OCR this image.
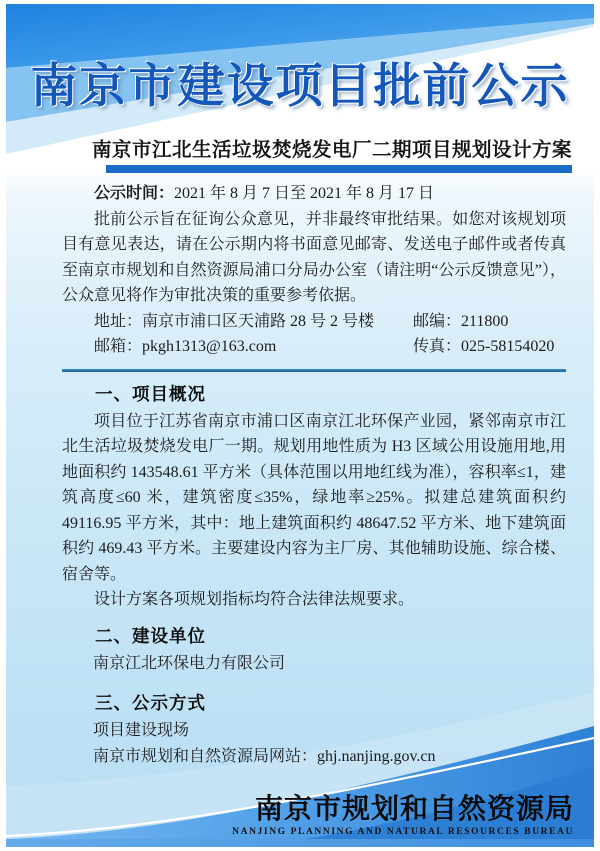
南京市建设项目批前公示
南京市江北生活垃圾焚烧发电厂二期项目规划设计方案

公示时间：2021 年 8 月 7 日至 2021 年 8 月 17 日

批前公示旨在征询公众意见，并非最终审批结果。如您对该规划项目有意见表达，请在公示期内将书面意见邮寄、发送电子邮件或者传真至南京市规划和自然资源局浦口分局办公室（请注明“公示反馈意见”），公众意见将作为审批决策的重要参考依据。

地址：南京市浦口区天浦路 28 号 2 号楼	邮编：211800

邮箱：pkgh1313@163.com	传真：025-58154020

一、项目概况

项目位于江苏省南京市浦口区南京江北环保产业园，紧邻南京市江北生活垃圾焚烧发电厂一期。规划用地性质为 H3 区域公用设施用地,用地面积约 143548.61 平方米（具体范围以用地红线为准），容积率≤1，建筑高度≤60 米，建筑密度≤35%，绿地率≥25%。拟建总建筑面积约 49116.95 平方米，其中：地上建筑面积约 48647.52 平方米、地下建筑面积约 469.43 平方米。主要建设内容为主厂房、其他辅助设施、综合楼、宿舍等。

设计方案各项规划指标均符合法律法规要求。

二、建设单位

南京江北环保电力有限公司

三、公示方式

项目建设现场

南京市规划和自然资源局网站：ghj.nanjing.gov.cn

南京市规划和自然资源局
NANJING PLANNING AND NATURAL RESOURCES BUREAU
